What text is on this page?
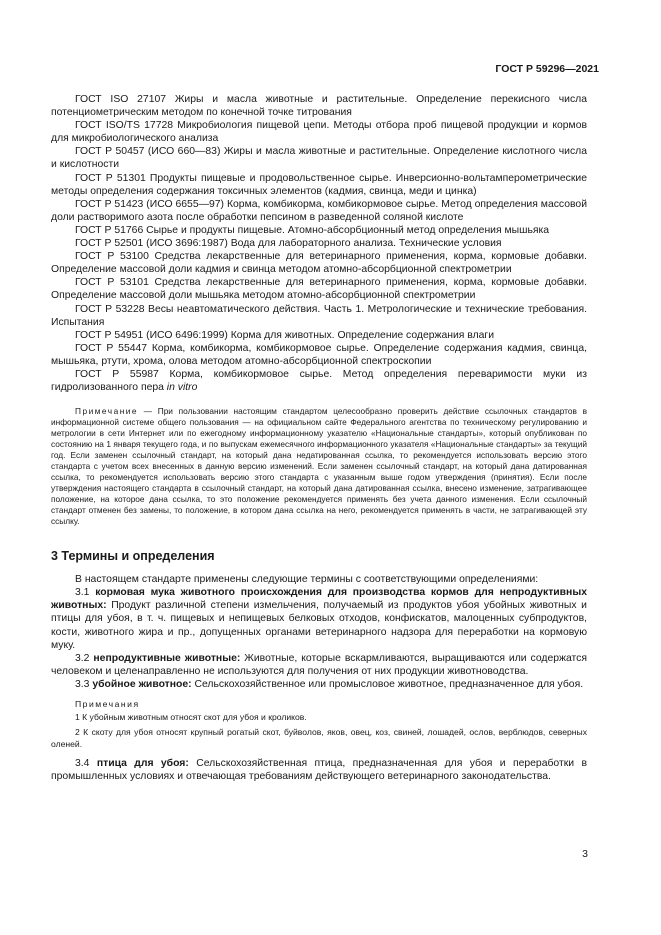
ГОСТ Р 59296—2021

ГОСТ ISO 27107 Жиры и масла животные и растительные. Определение перекисного числа потенциометрическим методом по конечной точке титрования

ГОСТ ISO/TS 17728 Микробиология пищевой цепи. Методы отбора проб пищевой продукции и кормов для микробиологического анализа

ГОСТ Р 50457 (ИСО 660—83) Жиры и масла животные и растительные. Определение кислотного числа и кислотности

ГОСТ Р 51301 Продукты пищевые и продовольственное сырье. Инверсионно-вольтамперометрические методы определения содержания токсичных элементов (кадмия, свинца, меди и цинка)

ГОСТ Р 51423 (ИСО 6655—97) Корма, комбикорма, комбикормовое сырье. Метод определения массовой доли растворимого азота после обработки пепсином в разведенной соляной кислоте

ГОСТ Р 51766 Сырье и продукты пищевые. Атомно-абсорбционный метод определения мышьяка

ГОСТ Р 52501 (ИСО 3696:1987) Вода для лабораторного анализа. Технические условия

ГОСТ Р 53100 Средства лекарственные для ветеринарного применения, корма, кормовые добавки. Определение массовой доли кадмия и свинца методом атомно-абсорбционной спектрометрии

ГОСТ Р 53101 Средства лекарственные для ветеринарного применения, корма, кормовые добавки. Определение массовой доли мышьяка методом атомно-абсорбционной спектрометрии

ГОСТ Р 53228 Весы неавтоматического действия. Часть 1. Метрологические и технические требования. Испытания

ГОСТ Р 54951 (ИСО 6496:1999) Корма для животных. Определение содержания влаги

ГОСТ Р 55447 Корма, комбикорма, комбикормовое сырье. Определение содержания кадмия, свинца, мышьяка, ртути, хрома, олова методом атомно-абсорбционной спектроскопии

ГОСТ Р 55987 Корма, комбикормовое сырье. Метод определения переваримости муки из гидролизованного пера in vitro

Примечание — При пользовании настоящим стандартом целесообразно проверить действие ссылочных стандартов в информационной системе общего пользования — на официальном сайте Федерального агентства по техническому регулированию и метрологии в сети Интернет или по ежегодному информационному указателю «Национальные стандарты», который опубликован по состоянию на 1 января текущего года, и по выпускам ежемесячного информационного указателя «Национальные стандарты» за текущий год. Если заменен ссылочный стандарт, на который дана недатированная ссылка, то рекомендуется использовать версию этого стандарта с учетом всех внесенных в данную версию изменений. Если заменен ссылочный стандарт, на который дана датированная ссылка, то рекомендуется использовать версию этого стандарта с указанным выше годом утверждения (принятия). Если после утверждения настоящего стандарта в ссылочный стандарт, на который дана датированная ссылка, внесено изменение, затрагивающее положение, на которое дана ссылка, то это положение рекомендуется применять без учета данного изменения. Если ссылочный стандарт отменен без замены, то положение, в котором дана ссылка на него, рекомендуется применять в части, не затрагивающей эту ссылку.

3 Термины и определения

В настоящем стандарте применены следующие термины с соответствующими определениями:

3.1 кормовая мука животного происхождения для производства кормов для непродуктивных животных: Продукт различной степени измельчения, получаемый из продуктов убоя убойных животных и птицы для убоя, в т. ч. пищевых и непищевых белковых отходов, конфискатов, малоценных субпродуктов, кости, животного жира и пр., допущенных органами ветеринарного надзора для переработки на кормовую муку.

3.2 непродуктивные животные: Животные, которые вскармливаются, выращиваются или содержатся человеком и целенаправленно не используются для получения от них продукции животноводства.

3.3 убойное животное: Сельскохозяйственное или промысловое животное, предназначенное для убоя.

Примечания

1 К убойным животным относят скот для убоя и кроликов.

2 К скоту для убоя относят крупный рогатый скот, буйволов, яков, овец, коз, свиней, лошадей, ослов, верблюдов, северных оленей.

3.4 птица для убоя: Сельскохозяйственная птица, предназначенная для убоя и переработки в промышленных условиях и отвечающая требованиям действующего ветеринарного законодательства.

3
